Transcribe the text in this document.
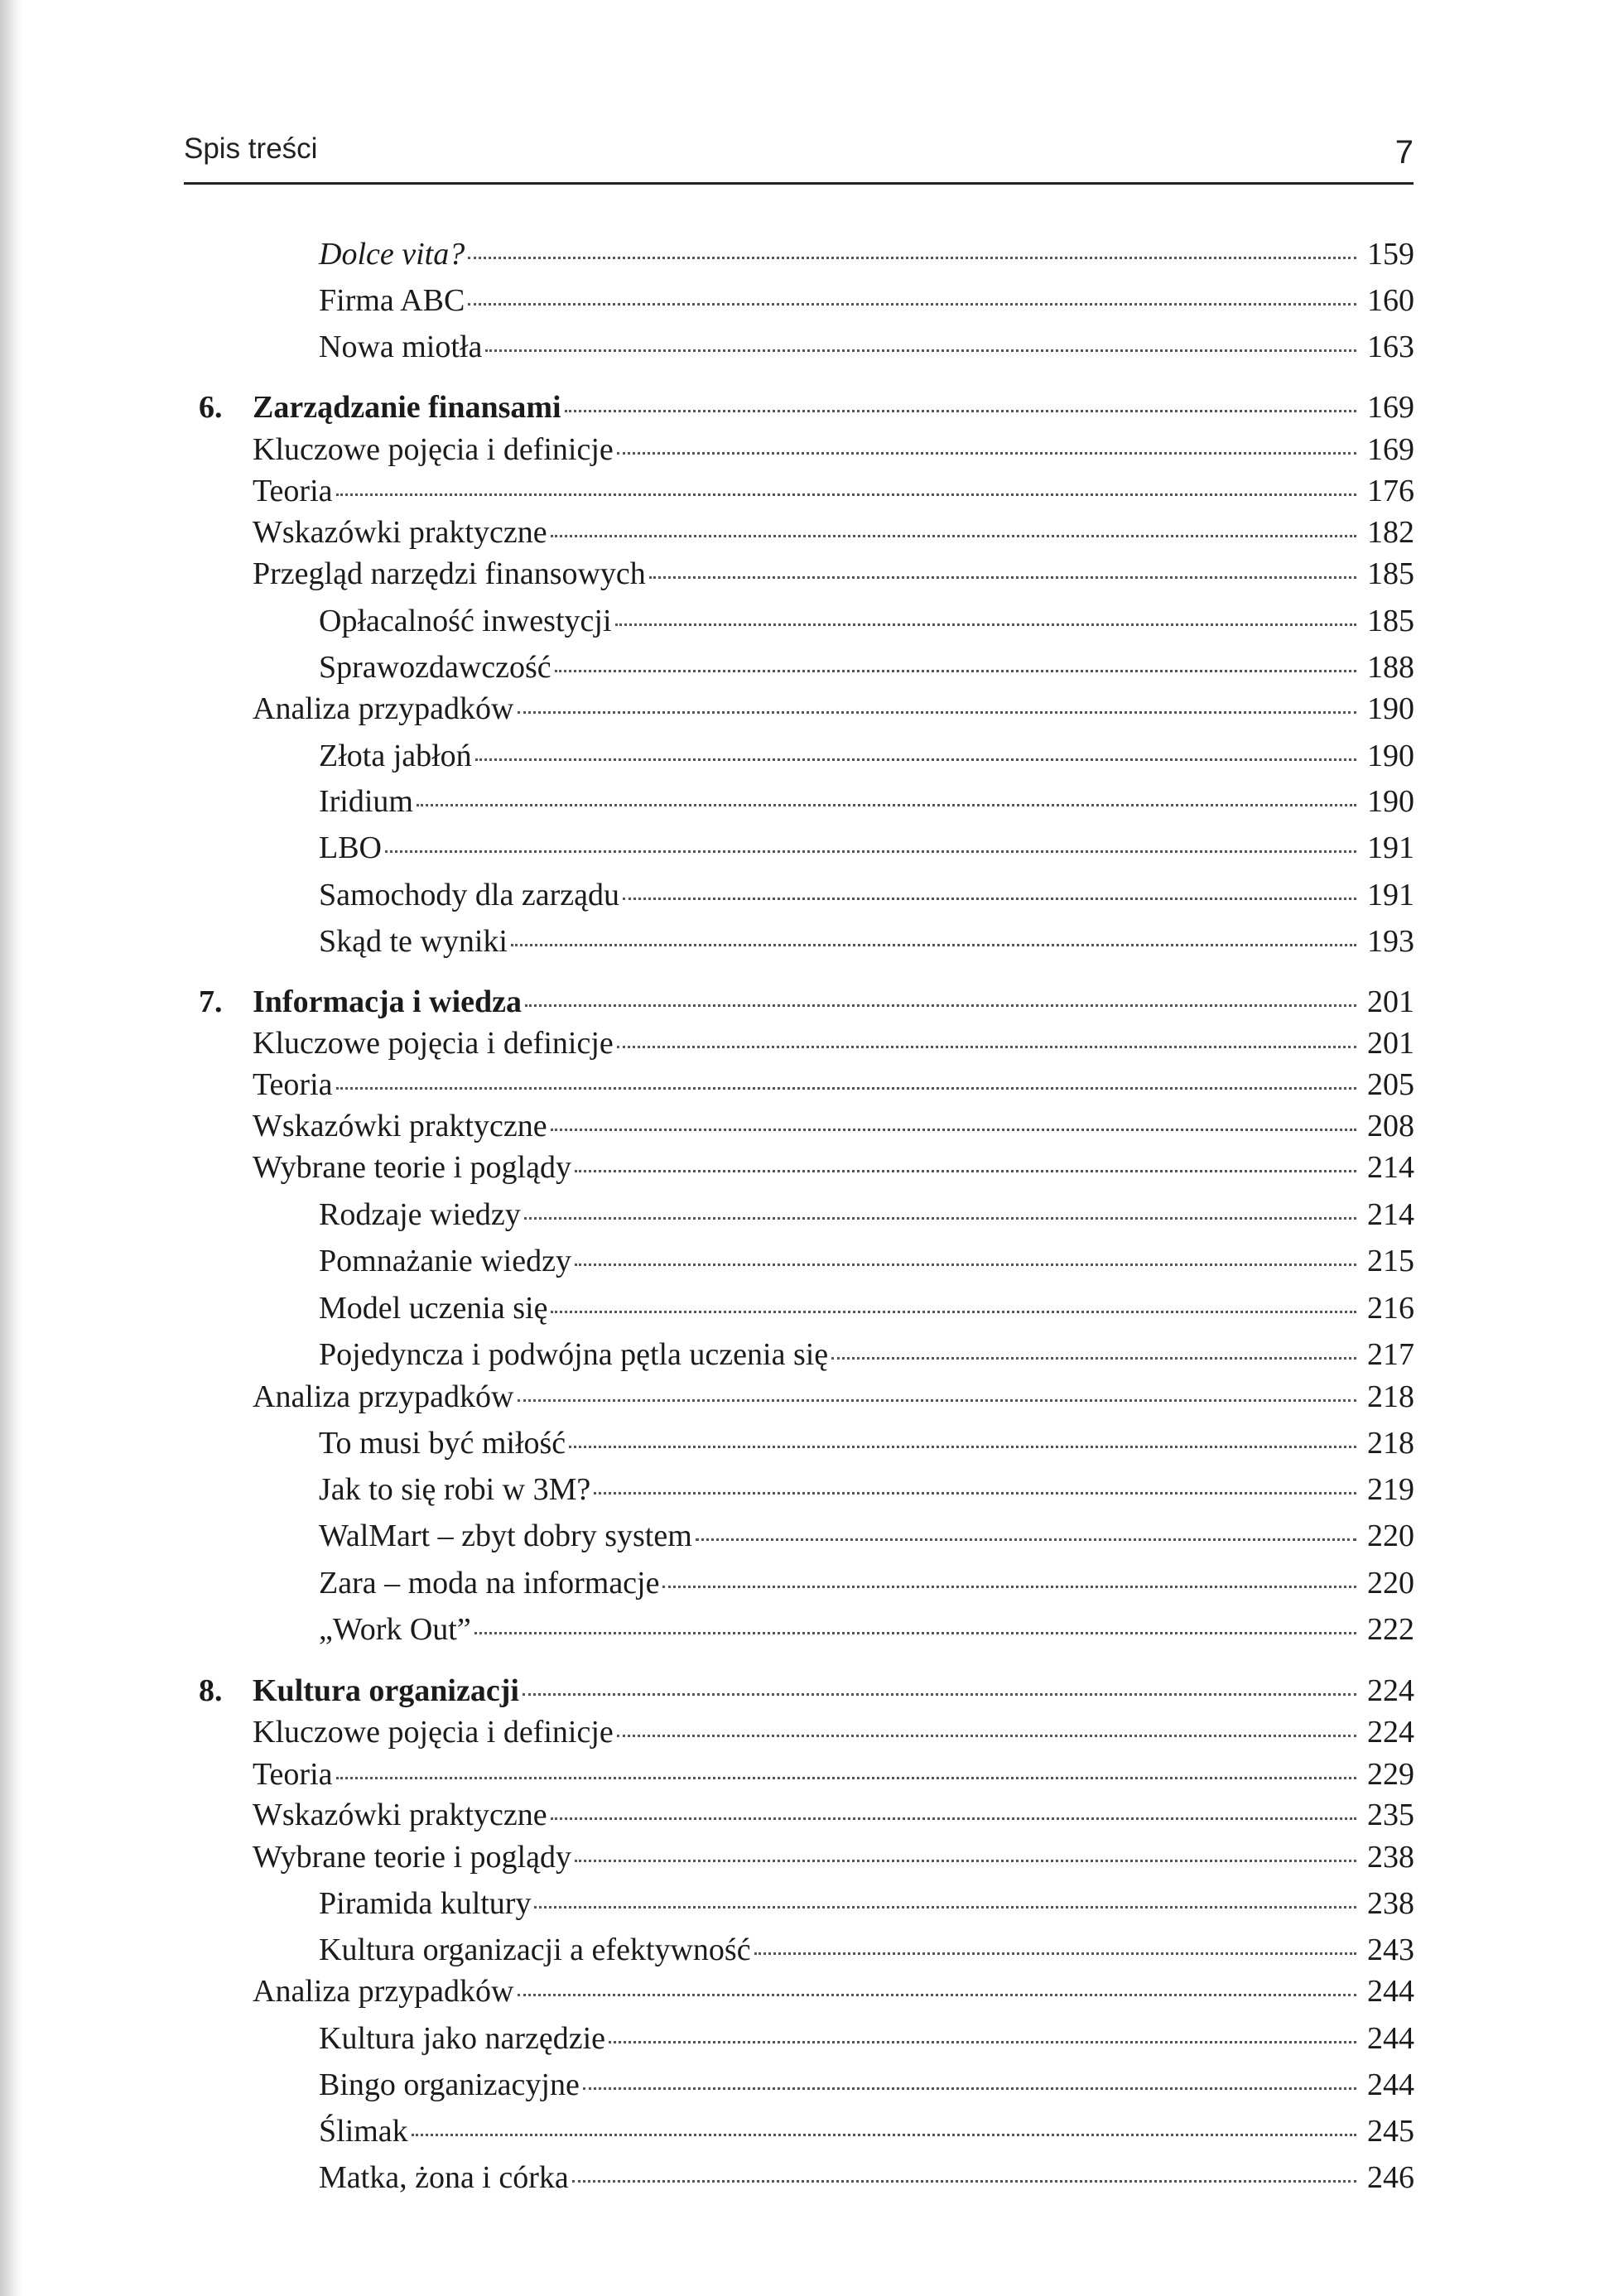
Spis treści	7
Dolce vita?	159
Firma ABC	160
Nowa miotła	163
6. Zarządzanie finansami	169
Kluczowe pojęcia i definicje	169
Teoria	176
Wskazówki praktyczne	182
Przegląd narzędzi finansowych	185
Opłacalność inwestycji	185
Sprawozdawczość	188
Analiza przypadków	190
Złota jabłoń	190
Iridium	190
LBO	191
Samochody dla zarządu	191
Skąd te wyniki	193
7. Informacja i wiedza	201
Kluczowe pojęcia i definicje	201
Teoria	205
Wskazówki praktyczne	208
Wybrane teorie i poglądy	214
Rodzaje wiedzy	214
Pomnażanie wiedzy	215
Model uczenia się	216
Pojedyncza i podwójna pętla uczenia się	217
Analiza przypadków	218
To musi być miłość	218
Jak to się robi w 3M?	219
WalMart – zbyt dobry system	220
Zara – moda na informacje	220
„Work Out”	222
8. Kultura organizacji	224
Kluczowe pojęcia i definicje	224
Teoria	229
Wskazówki praktyczne	235
Wybrane teorie i poglądy	238
Piramida kultury	238
Kultura organizacji a efektywność	243
Analiza przypadków	244
Kultura jako narzędzie	244
Bingo organizacyjne	244
Ślimak	245
Matka, żona i córka	246
